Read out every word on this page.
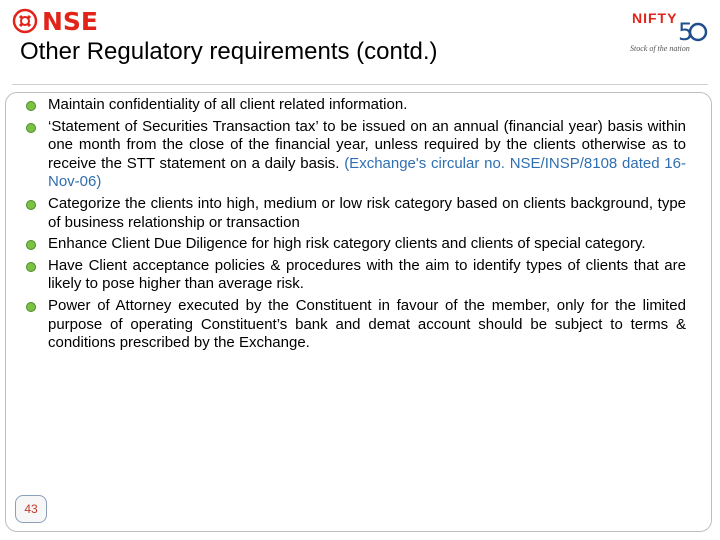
NSE
Other Regulatory requirements (contd.)
NIFTY 5
Stock of the nation
Maintain confidentiality of all client related information.
‘Statement of Securities Transaction tax’ to be issued on an annual (financial year) basis within one month from the close of the financial year, unless required by the clients otherwise as to receive the STT statement on a daily basis. (Exchange's circular no. NSE/INSP/8108 dated 16-Nov-06)
Categorize the clients into high, medium or low risk category based on clients background, type of business relationship or transaction
Enhance Client Due Diligence for high risk category clients and clients of special category.
Have Client acceptance policies & procedures with the aim to identify types of clients that are likely to pose higher than average risk.
Power of Attorney executed by the Constituent in favour of the member, only for the limited purpose of operating Constituent’s bank and demat account should be subject to terms & conditions prescribed by the Exchange.
43
